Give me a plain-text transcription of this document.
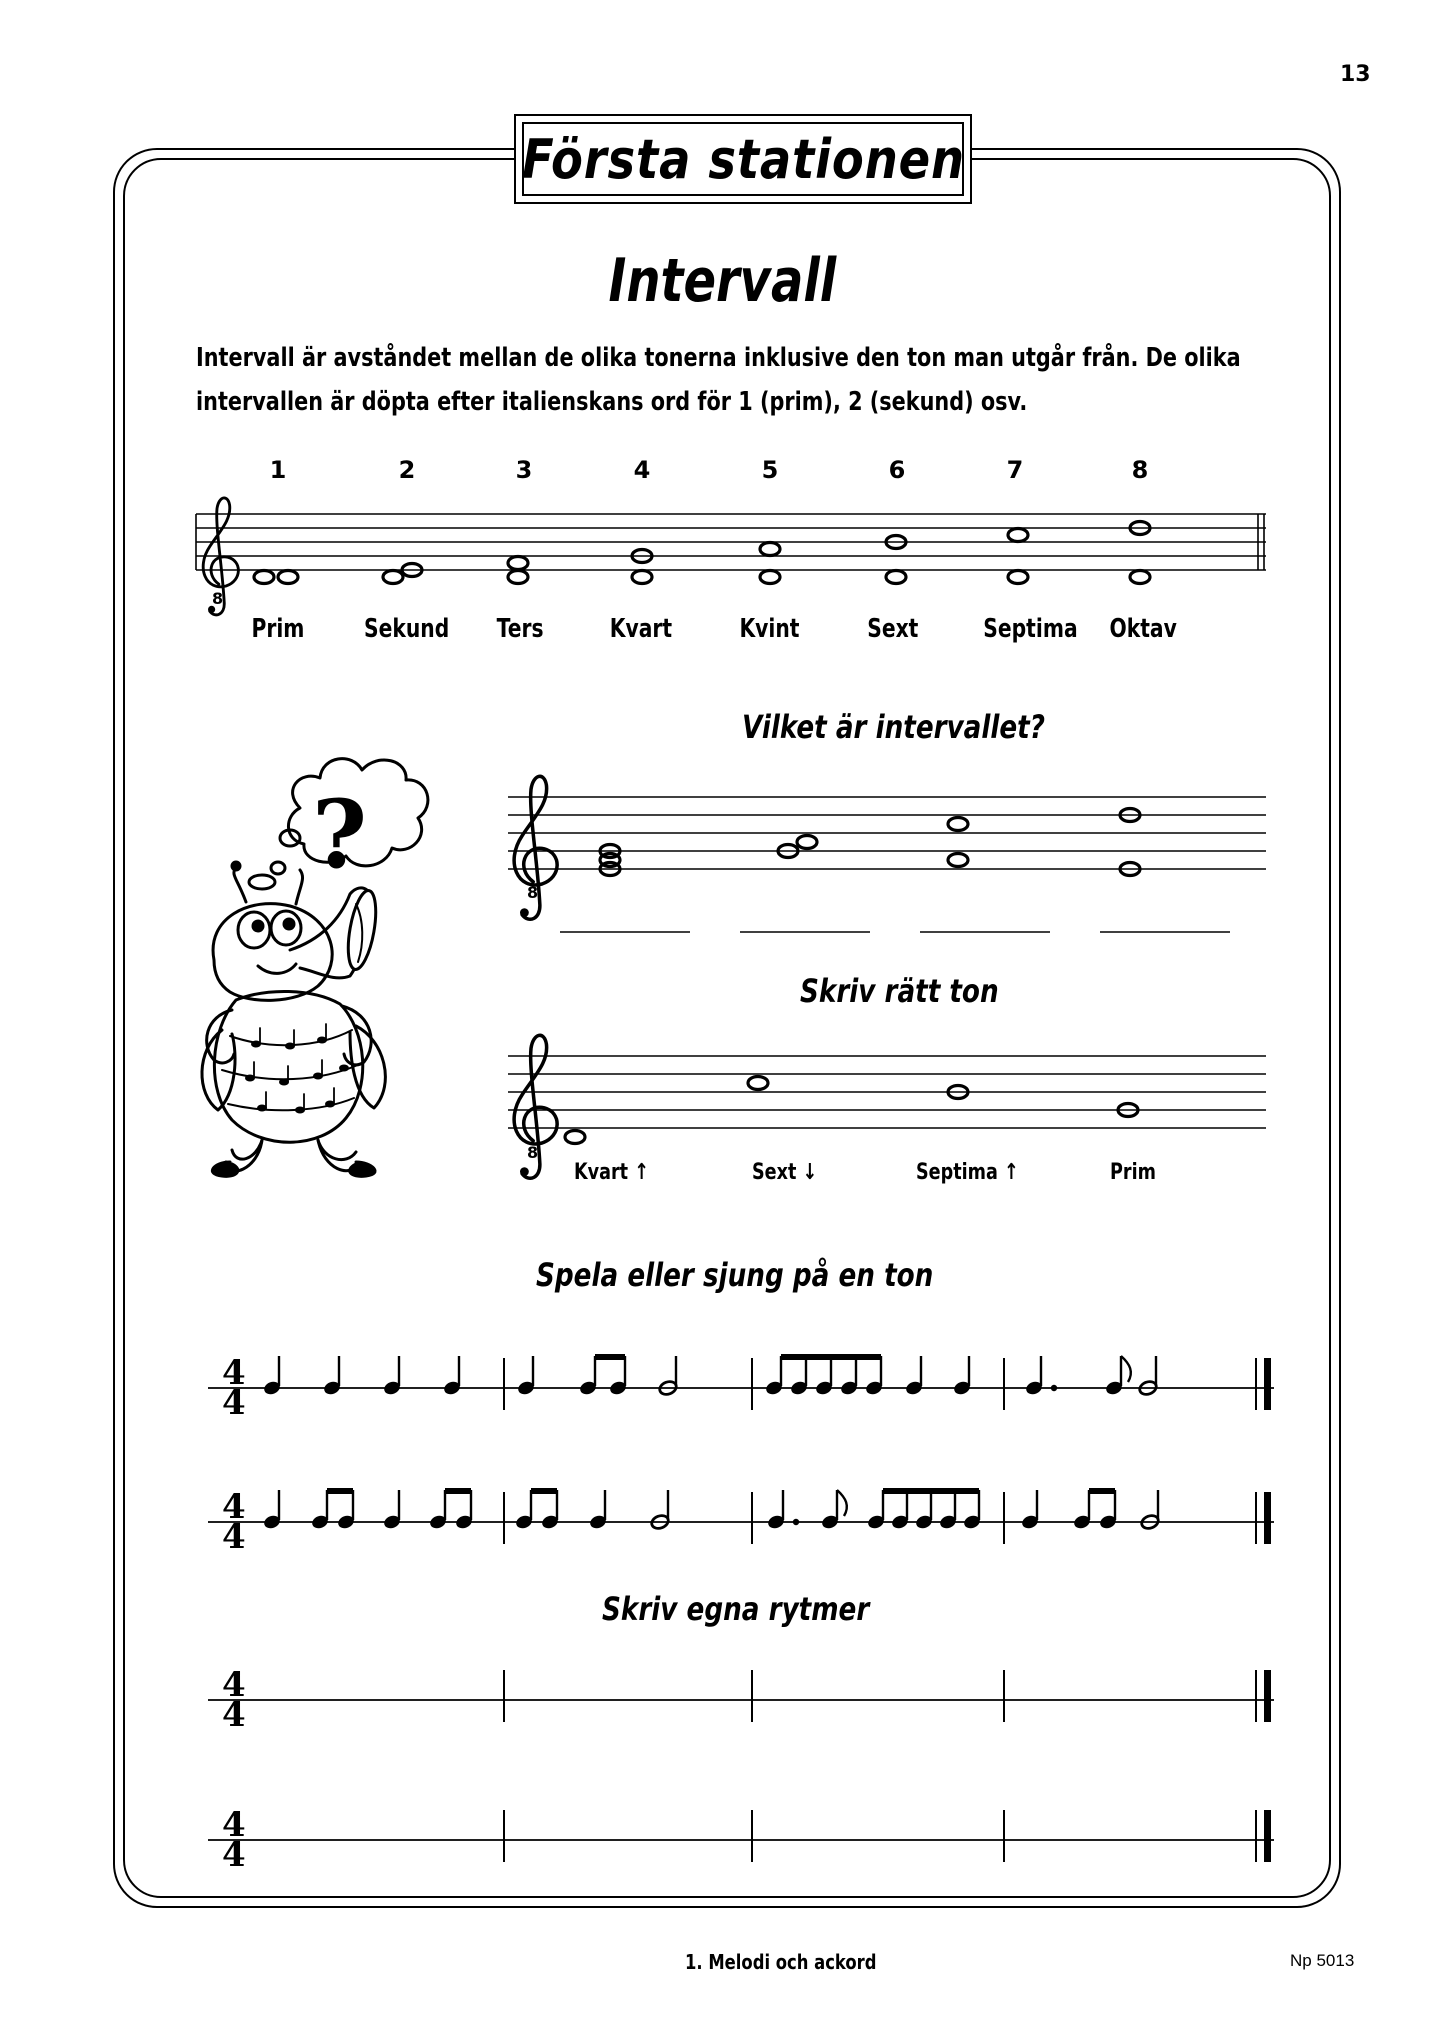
13
Första stationen
Intervall

Intervall är avståndet mellan de olika tonerna inklusive den ton man utgår från. De olika

intervallen är döpta efter italienskans ord för 1 (prim), 2 (sekund) osv.

1	2	3	4	5	6	7	8
Prim	Sekund	Ters	Kvart	Kvint	Sext	Septima	Oktav
Vilket är intervallet?
Skriv rätt ton
Spela eller sjung på en ton
Skriv egna rytmer
Kvart ↑	Sext ↓	Septima ↑	Prim
?
8
8
8
4
4
4
4
4
4
4
4
1. Melodi och ackord	Np 5013
